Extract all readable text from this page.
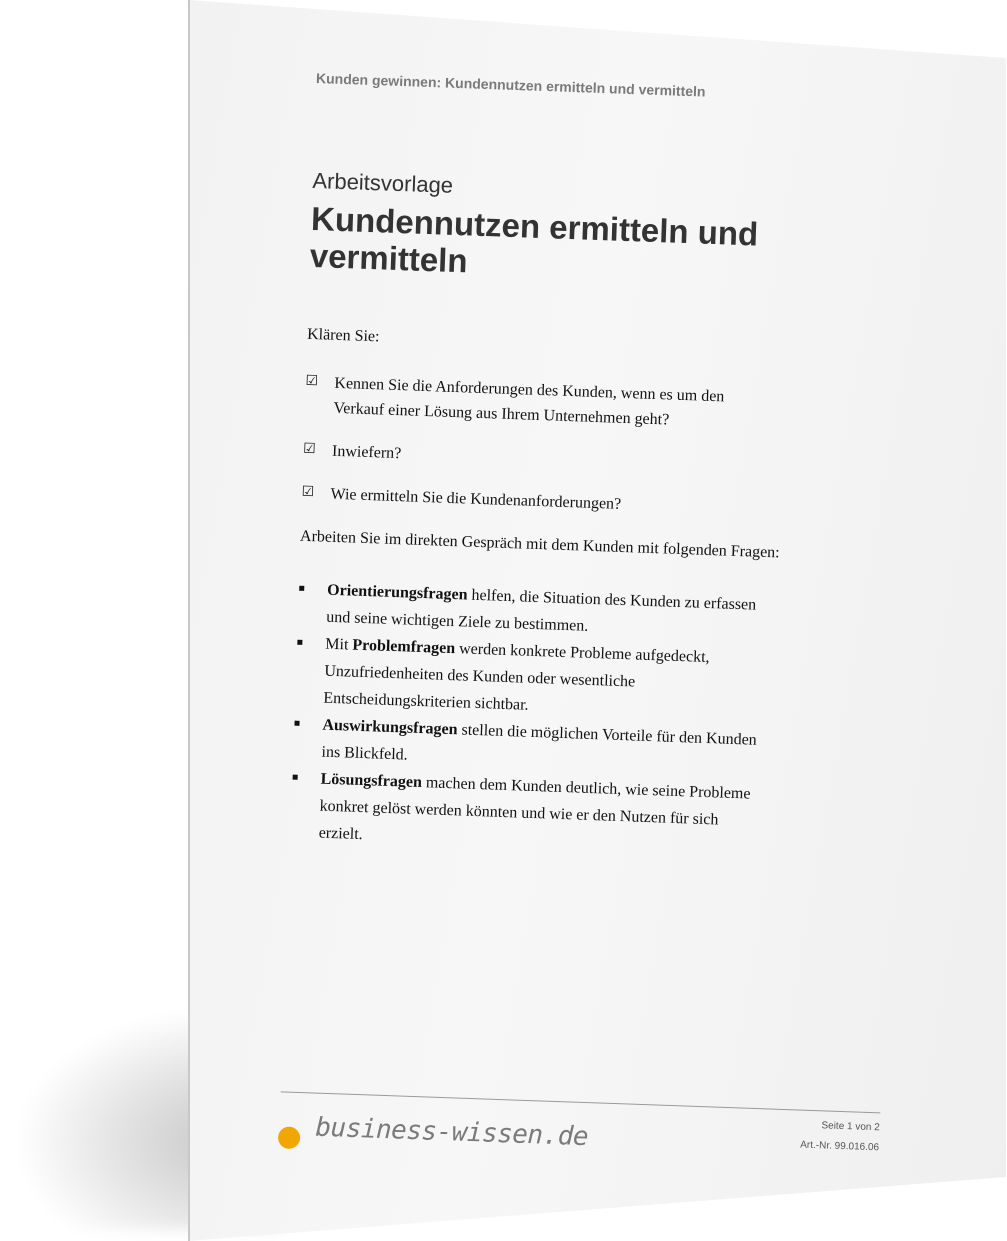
Kunden gewinnen: Kundennutzen ermitteln und vermitteln
Arbeitsvorlage
Kundennutzen ermitteln und vermitteln
Klären Sie:
☑ Kennen Sie die Anforderungen des Kunden, wenn es um den Verkauf einer Lösung aus Ihrem Unternehmen geht?
☑ Inwiefern?
☑ Wie ermitteln Sie die Kundenanforderungen?
Arbeiten Sie im direkten Gespräch mit dem Kunden mit folgenden Fragen:
Orientierungsfragen helfen, die Situation des Kunden zu erfassen und seine wichtigen Ziele zu bestimmen.
Mit Problemfragen werden konkrete Probleme aufgedeckt, Unzufriedenheiten des Kunden oder wesentliche Entscheidungskriterien sichtbar.
Auswirkungsfragen stellen die möglichen Vorteile für den Kunden ins Blickfeld.
Lösungsfragen machen dem Kunden deutlich, wie seine Probleme konkret gelöst werden könnten und wie er den Nutzen für sich erzielt.
Seite 1 von 2
Art.-Nr. 99.016.06
business-wissen.de
